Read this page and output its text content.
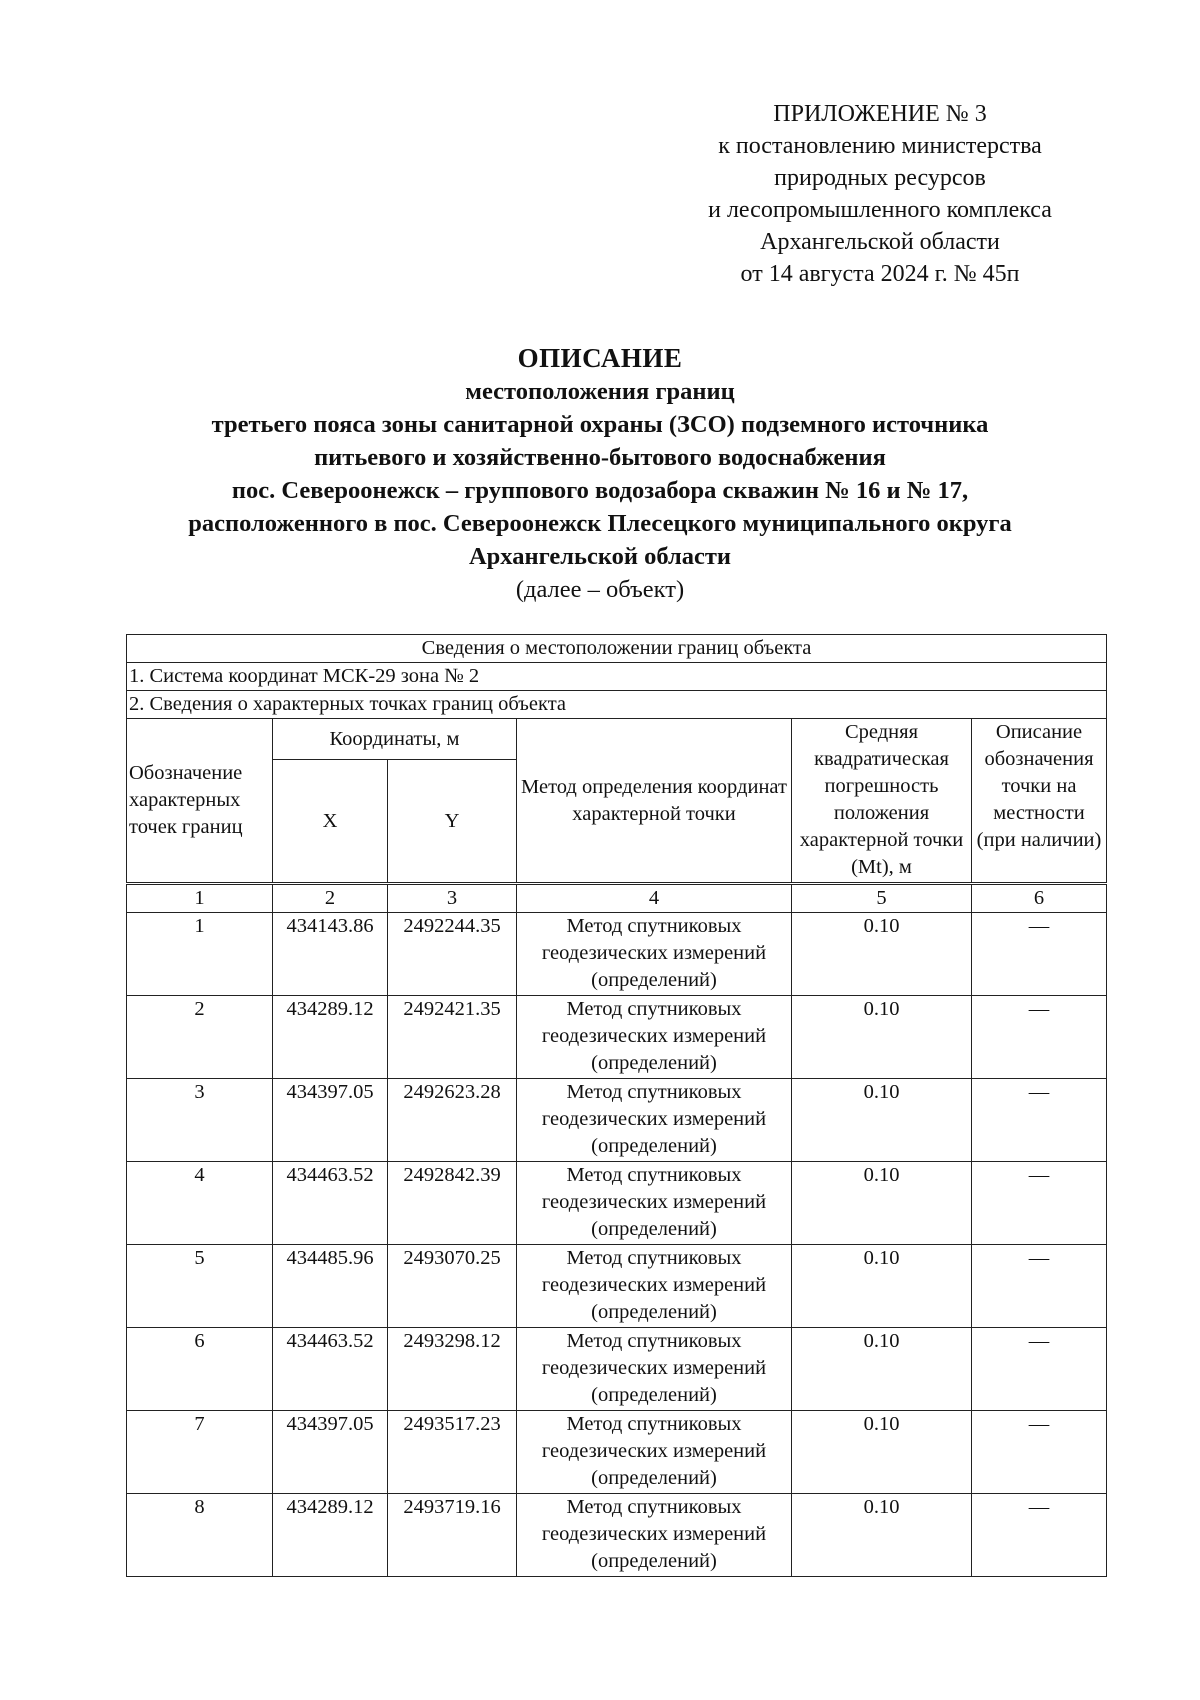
ПРИЛОЖЕНИЕ № 3
к постановлению министерства
природных ресурсов
и лесопромышленного комплекса
Архангельской области
от 14 августа 2024 г. № 45п
ОПИСАНИЕ
местоположения границ
третьего пояса зоны санитарной охраны (ЗСО) подземного источника
питьевого и хозяйственно-бытового водоснабжения
пос. Североонежск – группового водозабора скважин № 16 и № 17,
расположенного в пос. Североонежск Плесецкого муниципального округа
Архангельской области
(далее – объект)
Сведения о местоположении границ объекта					
1. Система координат МСК-29 зона № 2					
2. Сведения о характерных точках границ объекта					
Обозначение характерных точек границ	Координаты, м		Метод определения координат характерной точки	Средняя квадратическая погрешность положения характерной точки (Mt), м	Описание обозначения точки на местности (при наличии)
	X	Y			
1	2	3	4	5	6
1	434143.86	2492244.35	Метод спутниковых геодезических измерений (определений)	0.10	—
2	434289.12	2492421.35	Метод спутниковых геодезических измерений (определений)	0.10	—
3	434397.05	2492623.28	Метод спутниковых геодезических измерений (определений)	0.10	—
4	434463.52	2492842.39	Метод спутниковых геодезических измерений (определений)	0.10	—
5	434485.96	2493070.25	Метод спутниковых геодезических измерений (определений)	0.10	—
6	434463.52	2493298.12	Метод спутниковых геодезических измерений (определений)	0.10	—
7	434397.05	2493517.23	Метод спутниковых геодезических измерений (определений)	0.10	—
8	434289.12	2493719.16	Метод спутниковых геодезических измерений (определений)	0.10	—
